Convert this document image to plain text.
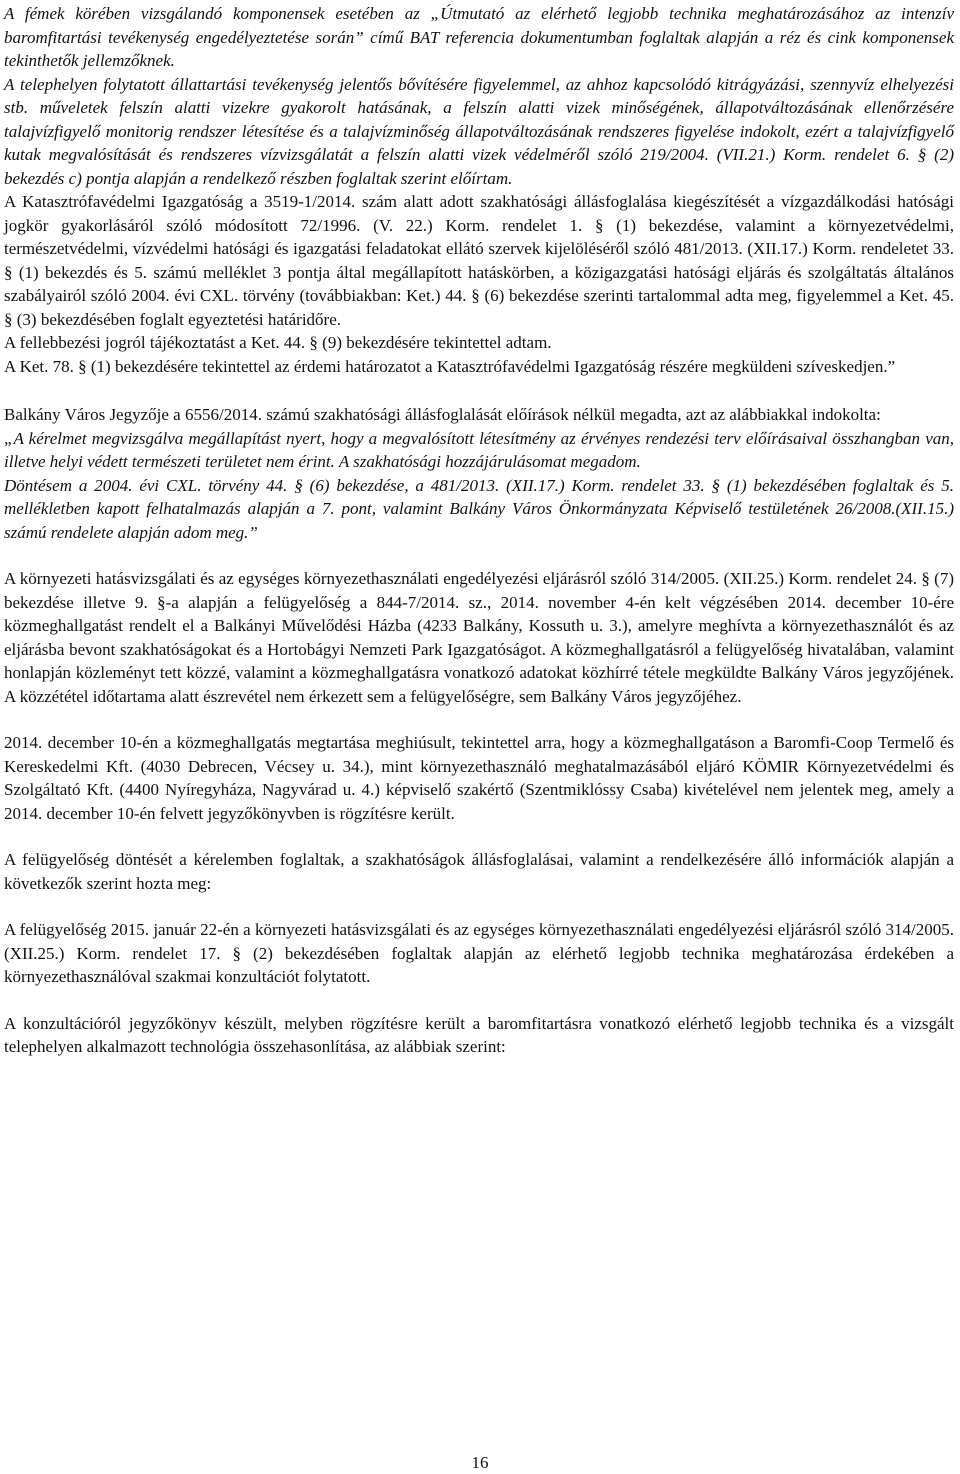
A fémek körében vizsgálandó komponensek esetében az „Útmutató az elérhető legjobb technika meghatározásához az intenzív baromfitartási tevékenység engedélyeztetése során” című BAT referencia dokumentumban foglaltak alapján a réz és cink komponensek tekinthetők jellemzőknek.

A telephelyen folytatott állattartási tevékenység jelentős bővítésére figyelemmel, az ahhoz kapcsolódó kitrágyázási, szennyvíz elhelyezési stb. műveletek felszín alatti vizekre gyakorolt hatásának, a felszín alatti vizek minőségének, állapotváltozásának ellenőrzésére talajvízfigyelő monitorig rendszer létesítése és a talajvízminőség állapotváltozásának rendszeres figyelése indokolt, ezért a talajvízfigyelő kutak megvalósítását és rendszeres vízvizsgálatát a felszín alatti vizek védelméről szóló 219/2004. (VII.21.) Korm. rendelet 6. § (2) bekezdés c) pontja alapján a rendelkező részben foglaltak szerint előírtam.

A Katasztrófavédelmi Igazgatóság a 3519-1/2014. szám alatt adott szakhatósági állásfoglalása kiegészítését a vízgazdálkodási hatósági jogkör gyakorlásáról szóló módosított 72/1996. (V. 22.) Korm. rendelet 1. § (1) bekezdése, valamint a környezetvédelmi, természetvédelmi, vízvédelmi hatósági és igazgatási feladatokat ellátó szervek kijelöléséről szóló 481/2013. (XII.17.) Korm. rendeletet 33. § (1) bekezdés és 5. számú melléklet 3 pontja által megállapított hatáskörben, a közigazgatási hatósági eljárás és szolgáltatás általános szabályairól szóló 2004. évi CXL. törvény (továbbiakban: Ket.) 44. § (6) bekezdése szerinti tartalommal adta meg, figyelemmel a Ket. 45. § (3) bekezdésében foglalt egyeztetési határidőre.

A fellebbezési jogról tájékoztatást a Ket. 44. § (9) bekezdésére tekintettel adtam.

A Ket. 78. § (1) bekezdésére tekintettel az érdemi határozatot a Katasztrófavédelmi Igazgatóság részére megküldeni szíveskedjen.”

Balkány Város Jegyzője a 6556/2014. számú szakhatósági állásfoglalását előírások nélkül megadta, azt az alábbiakkal indokolta:

„A kérelmet megvizsgálva megállapítást nyert, hogy a megvalósított létesítmény az érvényes rendezési terv előírásaival összhangban van, illetve helyi védett természeti területet nem érint. A szakhatósági hozzájárulásomat megadom.

Döntésem a 2004. évi CXL. törvény 44. § (6) bekezdése, a 481/2013. (XII.17.) Korm. rendelet 33. § (1) bekezdésében foglaltak és 5. mellékletben kapott felhatalmazás alapján a 7. pont, valamint Balkány Város Önkormányzata Képviselő testületének 26/2008.(XII.15.) számú rendelete alapján adom meg.”

A környezeti hatásvizsgálati és az egységes környezethasználati engedélyezési eljárásról szóló 314/2005. (XII.25.) Korm. rendelet 24. § (7) bekezdése illetve 9. §-a alapján a felügyelőség a 844-7/2014. sz., 2014. november 4-én kelt végzésében 2014. december 10-ére közmeghallgatást rendelt el a Balkányi Művelődési Házba (4233 Balkány, Kossuth u. 3.), amelyre meghívta a környezethasználót és az eljárásba bevont szakhatóságokat és a Hortobágyi Nemzeti Park Igazgatóságot. A közmeghallgatásról a felügyelőség hivatalában, valamint honlapján közleményt tett közzé, valamint a közmeghallgatásra vonatkozó adatokat közhírré tétele megküldte Balkány Város jegyzőjének. A közzététel időtartama alatt észrevétel nem érkezett sem a felügyelőségre, sem Balkány Város jegyzőjéhez.

2014. december 10-én a közmeghallgatás megtartása meghiúsult, tekintettel arra, hogy a közmeghallgatáson a Baromfi-Coop Termelő és Kereskedelmi Kft. (4030 Debrecen, Vécsey u. 34.), mint környezethasználó meghatalmazásából eljáró KÖMIR Környezetvédelmi és Szolgáltató Kft. (4400 Nyíregyháza, Nagyvárad u. 4.) képviselő szakértő (Szentmiklóssy Csaba) kivételével nem jelentek meg, amely a 2014. december 10-én felvett jegyzőkönyvben is rögzítésre került.

A felügyelőség döntését a kérelemben foglaltak, a szakhatóságok állásfoglalásai, valamint a rendelkezésére álló információk alapján a következők szerint hozta meg:

A felügyelőség 2015. január 22-én a környezeti hatásvizsgálati és az egységes környezethasználati engedélyezési eljárásról szóló 314/2005. (XII.25.) Korm. rendelet 17. § (2) bekezdésében foglaltak alapján az elérhető legjobb technika meghatározása érdekében a környezethasználóval szakmai konzultációt folytatott.

A konzultációról jegyzőkönyv készült, melyben rögzítésre került a baromfitartásra vonatkozó elérhető legjobb technika és a vizsgált telephelyen alkalmazott technológia összehasonlítása, az alábbiak szerint:

16
